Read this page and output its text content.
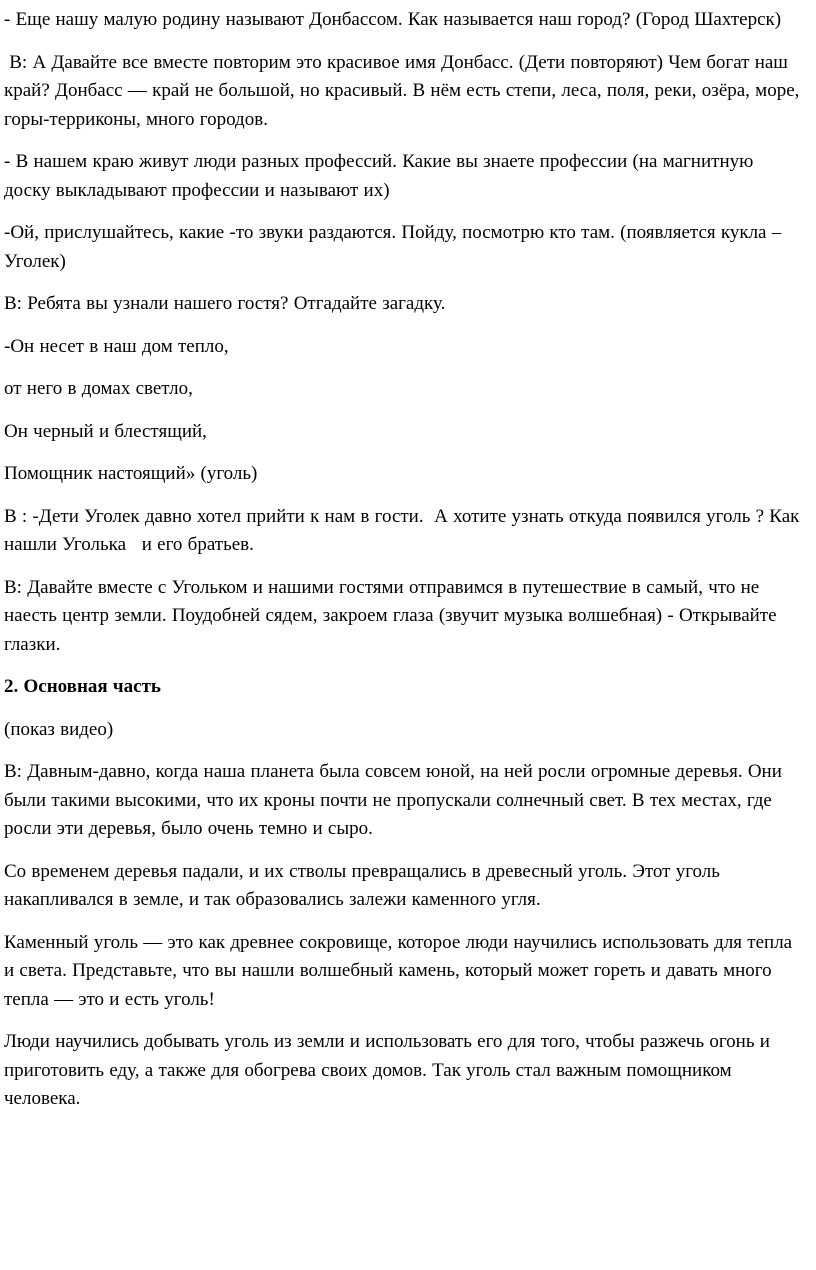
- Еще нашу малую родину называют Донбассом. Как называется наш город? (Город Шахтерск)

В: А Давайте все вместе повторим это красивое имя Донбасс. (Дети повторяют) Чем богат наш край? Донбасс — край не большой, но красивый. В нём есть степи, леса, поля, реки, озёра, море, горы-терриконы, много городов.

- В нашем краю живут люди разных профессий. Какие вы знаете профессии (на магнитную доску выкладывают профессии и называют их)

-Ой, прислушайтесь, какие -то звуки раздаются. Пойду, посмотрю кто там. (появляется кукла – Уголек)

В: Ребята вы узнали нашего гостя? Отгадайте загадку.

-Он несет в наш дом тепло,

от него в домах светло,

Он черный и блестящий,

Помощник настоящий» (уголь)

В : -Дети Уголек давно хотел прийти к нам в гости.  А хотите узнать откуда появился уголь ? Как  нашли Уголька   и его братьев.

В: Давайте вместе с Угольком и нашими гостями отправимся в путешествие в самый, что не наесть центр земли. Поудобней сядем, закроем глаза (звучит музыка волшебная) - Открывайте глазки.

2. Основная часть

(показ видео)

В: Давным-давно, когда наша планета была совсем юной, на ней росли огромные деревья. Они были такими высокими, что их кроны почти не пропускали солнечный свет. В тех местах, где росли эти деревья, было очень темно и сыро.

Со временем деревья падали, и их стволы превращались в древесный уголь. Этот уголь накапливался в земле, и так образовались залежи каменного угля.

Каменный уголь — это как древнее сокровище, которое люди научились использовать для тепла и света. Представьте, что вы нашли волшебный камень, который может гореть и давать много тепла — это и есть уголь!

Люди научились добывать уголь из земли и использовать его для того, чтобы разжечь огонь и приготовить еду, а также для обогрева своих домов. Так уголь стал важным помощником человека.
